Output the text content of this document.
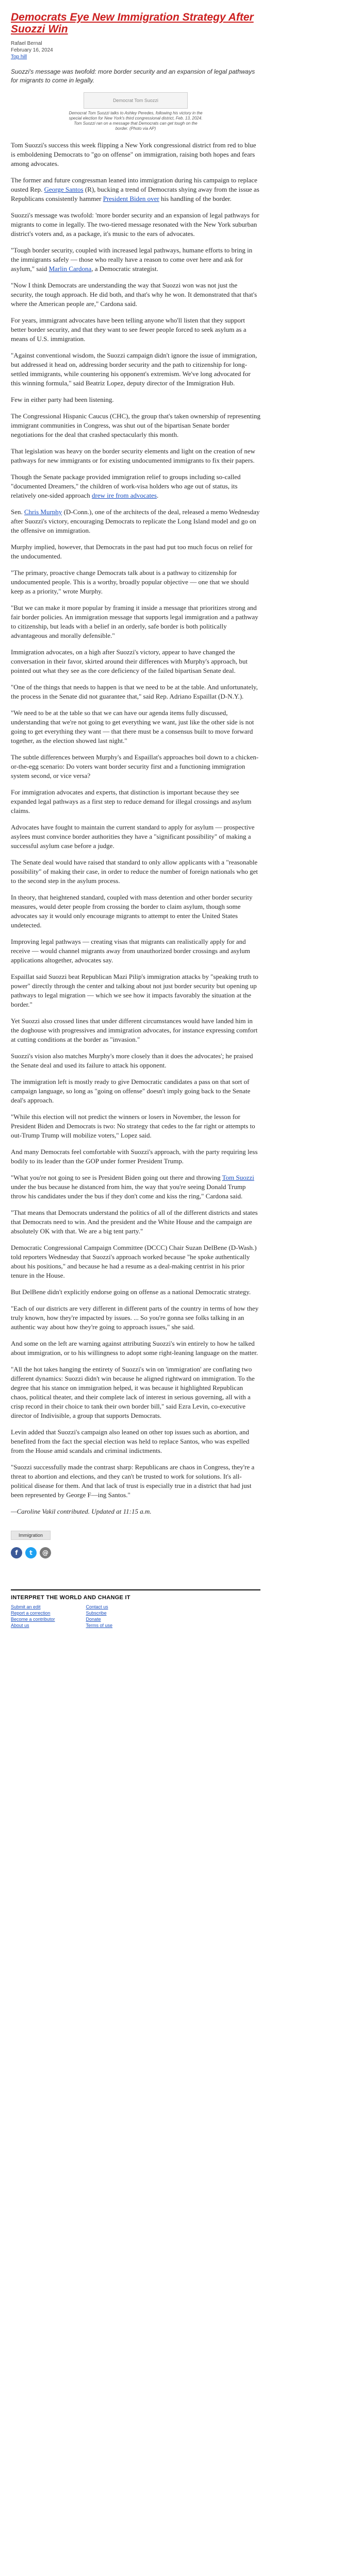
Democrats Eye New Immigration Strategy After Suozzi Win
Rafael Bernal
February 16, 2024
Top hill
Suozzi's message was twofold: more border security and an expansion of legal pathways for migrants to come in legally.
Democrat Tom Suozzi
Democrat Tom Suozzi talks to Ashley Peredes, following his victory in the special election for New York's third congressional district, Feb. 13, 2024. Tom Suozzi ran on a message that Democrats can get tough on the border. (Photo via AP)

Tom Suozzi's success this week flipping a New York congressional district from red to blue is emboldening Democrats to "go on offense" on immigration, raising both hopes and fears among advocates.

The former and future congressman leaned into immigration during his campaign to replace ousted Rep. George Santos (R), bucking a trend of Democrats shying away from the issue as Republicans consistently hammer President Biden over his handling of the border.

Suozzi's message was twofold: 'more border security and an expansion of legal pathways for migrants to come in legally. The two-tiered message resonated with the New York suburban district's voters and, as a package, it's music to the ears of advocates.

"Tough border security, coupled with increased legal pathways, humane efforts to bring in the immigrants safely — those who really have a reason to come over here and ask for asylum," said Marlin Cardona, a Democratic strategist.

"Now I think Democrats are understanding the way that Suozzi won was not just the security, the tough approach. He did both, and that's why he won. It demonstrated that that's where the American people are," Cardona said.

For years, immigrant advocates have been telling anyone who'll listen that they support better border security, and that they want to see fewer people forced to seek asylum as a means of U.S. immigration.

"Against conventional wisdom, the Suozzi campaign didn't ignore the issue of immigration, but addressed it head on, addressing border security and the path to citizenship for long-settled immigrants, while countering his opponent's extremism. We've long advocated for this winning formula," said Beatriz Lopez, deputy director of the Immigration Hub.

Few in either party had been listening.

The Congressional Hispanic Caucus (CHC), the group that's taken ownership of representing immigrant communities in Congress, was shut out of the bipartisan Senate border negotiations for the deal that crashed spectacularly this month.

That legislation was heavy on the border security elements and light on the creation of new pathways for new immigrants or for existing undocumented immigrants to fix their papers.

Though the Senate package provided immigration relief to groups including so-called "documented Dreamers," the children of work-visa holders who age out of status, its relatively one-sided approach drew ire from advocates.

Sen. Chris Murphy (D-Conn.), one of the architects of the deal, released a memo Wednesday after Suozzi's victory, encouraging Democrats to replicate the Long Island model and go on the offensive on immigration.

Murphy implied, however, that Democrats in the past had put too much focus on relief for the undocumented.

"The primary, proactive change Democrats talk about is a pathway to citizenship for undocumented people. This is a worthy, broadly popular objective — one that we should keep as a priority," wrote Murphy.

"But we can make it more popular by framing it inside a message that prioritizes strong and fair border policies. An immigration message that supports legal immigration and a pathway to citizenship, but leads with a belief in an orderly, safe border is both politically advantageous and morally defensible."

Immigration advocates, on a high after Suozzi's victory, appear to have changed the conversation in their favor, skirted around their differences with Murphy's approach, but pointed out what they see as the core deficiency of the failed bipartisan Senate deal.

"One of the things that needs to happen is that we need to be at the table. And unfortunately, the process in the Senate did not guarantee that," said Rep. Adriano Espaillat (D-N.Y.).

"We need to be at the table so that we can have our agenda items fully discussed, understanding that we're not going to get everything we want, just like the other side is not going to get everything they want — that there must be a consensus built to move forward together, as the election showed last night."

The subtle differences between Murphy's and Espaillat's approaches boil down to a chicken-or-the-egg scenario: Do voters want border security first and a functioning immigration system second, or vice versa?

For immigration advocates and experts, that distinction is important because they see expanded legal pathways as a first step to reduce demand for illegal crossings and asylum claims.

Advocates have fought to maintain the current standard to apply for asylum — prospective asylees must convince border authorities they have a "significant possibility" of making a successful asylum case before a judge.

The Senate deal would have raised that standard to only allow applicants with a "reasonable possibility" of making their case, in order to reduce the number of foreign nationals who get to the second step in the asylum process.

In theory, that heightened standard, coupled with mass detention and other border security measures, would deter people from crossing the border to claim asylum, though some advocates say it would only encourage migrants to attempt to enter the United States undetected.

Improving legal pathways — creating visas that migrants can realistically apply for and receive — would channel migrants away from unauthorized border crossings and asylum applications altogether, advocates say.

Espaillat said Suozzi beat Republican Mazi Pilip's immigration attacks by "speaking truth to power" directly through the center and talking about not just border security but opening up pathways to legal migration — which we see how it impacts favorably the situation at the border."

Yet Suozzi also crossed lines that under different circumstances would have landed him in the doghouse with progressives and immigration advocates, for instance expressing comfort at cutting conditions at the border as "invasion."

Suozzi's vision also matches Murphy's more closely than it does the advocates'; he praised the Senate deal and used its failure to attack his opponent.

The immigration left is mostly ready to give Democratic candidates a pass on that sort of campaign language, so long as "going on offense" doesn't imply going back to the Senate deal's approach.

"While this election will not predict the winners or losers in November, the lesson for President Biden and Democrats is two: No strategy that cedes to the far right or attempts to out-Trump Trump will mobilize voters," Lopez said.

And many Democrats feel comfortable with Suozzi's approach, with the party requiring less bodily to its leader than the GOP under former President Trump.

"What you're not going to see is President Biden going out there and throwing Tom Suozzi under the bus because he distanced from him, the way that you're seeing Donald Trump throw his candidates under the bus if they don't come and kiss the ring," Cardona said.

"That means that Democrats understand the politics of all of the different districts and states that Democrats need to win. And the president and the White House and the campaign are absolutely OK with that. We are a big tent party."

Democratic Congressional Campaign Committee (DCCC) Chair Suzan DelBene (D-Wash.) told reporters Wednesday that Suozzi's approach worked because "he spoke authentically about his positions," and because he had a resume as a deal-making centrist in his prior tenure in the House.

But DelBene didn't explicitly endorse going on offense as a national Democratic strategy.

"Each of our districts are very different in different parts of the country in terms of how they truly known, how they're impacted by issues. ... So you're gonna see folks talking in an authentic way about how they're going to approach issues," she said.

And some on the left are warning against attributing Suozzi's win entirely to how he talked about immigration, or to his willingness to adopt some right-leaning language on the matter.

"All the hot takes hanging the entirety of Suozzi's win on 'immigration' are conflating two different dynamics: Suozzi didn't win because he aligned rightward on immigration. To the degree that his stance on immigration helped, it was because it highlighted Republican chaos, political theater, and their complete lack of interest in serious governing, all with a crisp record in their choice to tank their own border bill," said Ezra Levin, co-executive director of Indivisible, a group that supports Democrats.

Levin added that Suozzi's campaign also leaned on other top issues such as abortion, and benefited from the fact the special election was held to replace Santos, who was expelled from the House amid scandals and criminal indictments.

"Suozzi successfully made the contrast sharp: Republicans are chaos in Congress, they're a threat to abortion and elections, and they can't be trusted to work for solutions. It's all-political disease for them. And that lack of trust is especially true in a district that had just been represented by George F—ing Santos."

—Caroline Vakil contributed. Updated at 11:15 a.m.

Immigration
f	t	@
INTERPRET THE WORLD AND CHANGE IT
Submit an edit
Report a correction
Become a contributor
About us
Contact us
Subscribe
Donate
Terms of use
